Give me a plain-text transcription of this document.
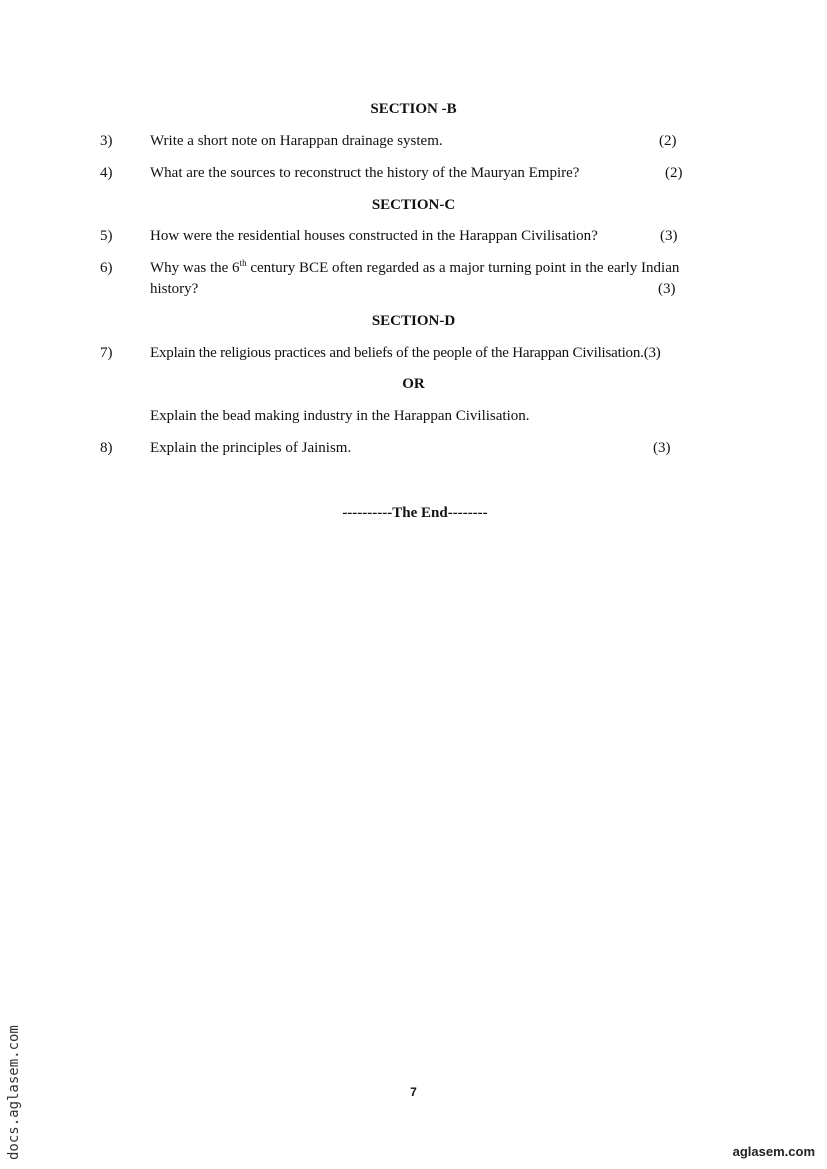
SECTION -B
3)	Write a short note on Harappan drainage system.	(2)
4)	What are the sources to reconstruct the history of the Mauryan Empire?	(2)
SECTION-C
5)	How were the residential houses constructed in the Harappan Civilisation?	(3)
6)	Why was the 6th century BCE often regarded as a major turning point in the early Indian
history?	(3)
SECTION-D
7)	Explain the religious practices and beliefs of the people of the Harappan Civilisation.(3)
OR
Explain the bead making industry in the Harappan Civilisation.
8)	Explain the principles of Jainism.	(3)
----------The End--------
7
docs.aglasem.com	aglasem.com
